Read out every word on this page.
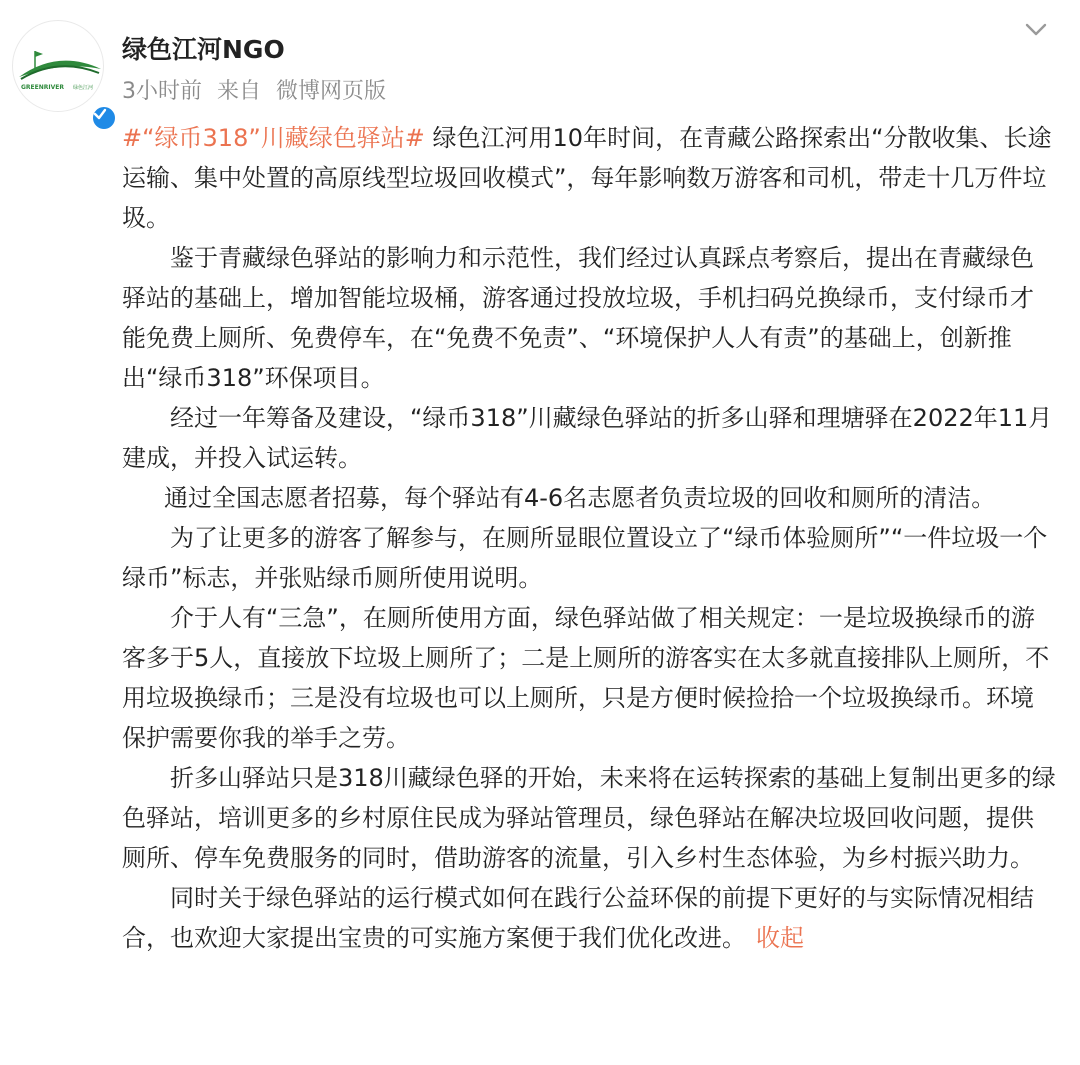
GREENRIVER 绿色江河
绿色江河NGO
3小时前 来自 微博网页版

#“绿币318”川藏绿色驿站# 绿色江河用10年时间，在青藏公路探索出“分散收集、长途运输、集中处置的高原线型垃圾回收模式”，每年影响数万游客和司机，带走十几万件垃圾。

鉴于青藏绿色驿站的影响力和示范性，我们经过认真踩点考察后，提出在青藏绿色驿站的基础上，增加智能垃圾桶，游客通过投放垃圾，手机扫码兑换绿币，支付绿币才能免费上厕所、免费停车，在“免费不免责”、“环境保护人人有责”的基础上，创新推出“绿币318”环保项目。

经过一年筹备及建设，“绿币318”川藏绿色驿站的折多山驿和理塘驿在2022年11月建成，并投入试运转。

通过全国志愿者招募，每个驿站有4-6名志愿者负责垃圾的回收和厕所的清洁。

为了让更多的游客了解参与，在厕所显眼位置设立了“绿币体验厕所”“一件垃圾一个绿币”标志，并张贴绿币厕所使用说明。

介于人有“三急”，在厕所使用方面，绿色驿站做了相关规定：一是垃圾换绿币的游客多于5人，直接放下垃圾上厕所了；二是上厕所的游客实在太多就直接排队上厕所，不用垃圾换绿币；三是没有垃圾也可以上厕所，只是方便时候捡拾一个垃圾换绿币。环境保护需要你我的举手之劳。

折多山驿站只是318川藏绿色驿的开始，未来将在运转探索的基础上复制出更多的绿色驿站，培训更多的乡村原住民成为驿站管理员，绿色驿站在解决垃圾回收问题，提供厕所、停车免费服务的同时，借助游客的流量，引入乡村生态体验，为乡村振兴助力。

同时关于绿色驿站的运行模式如何在践行公益环保的前提下更好的与实际情况相结合，也欢迎大家提出宝贵的可实施方案便于我们优化改进。 收起
